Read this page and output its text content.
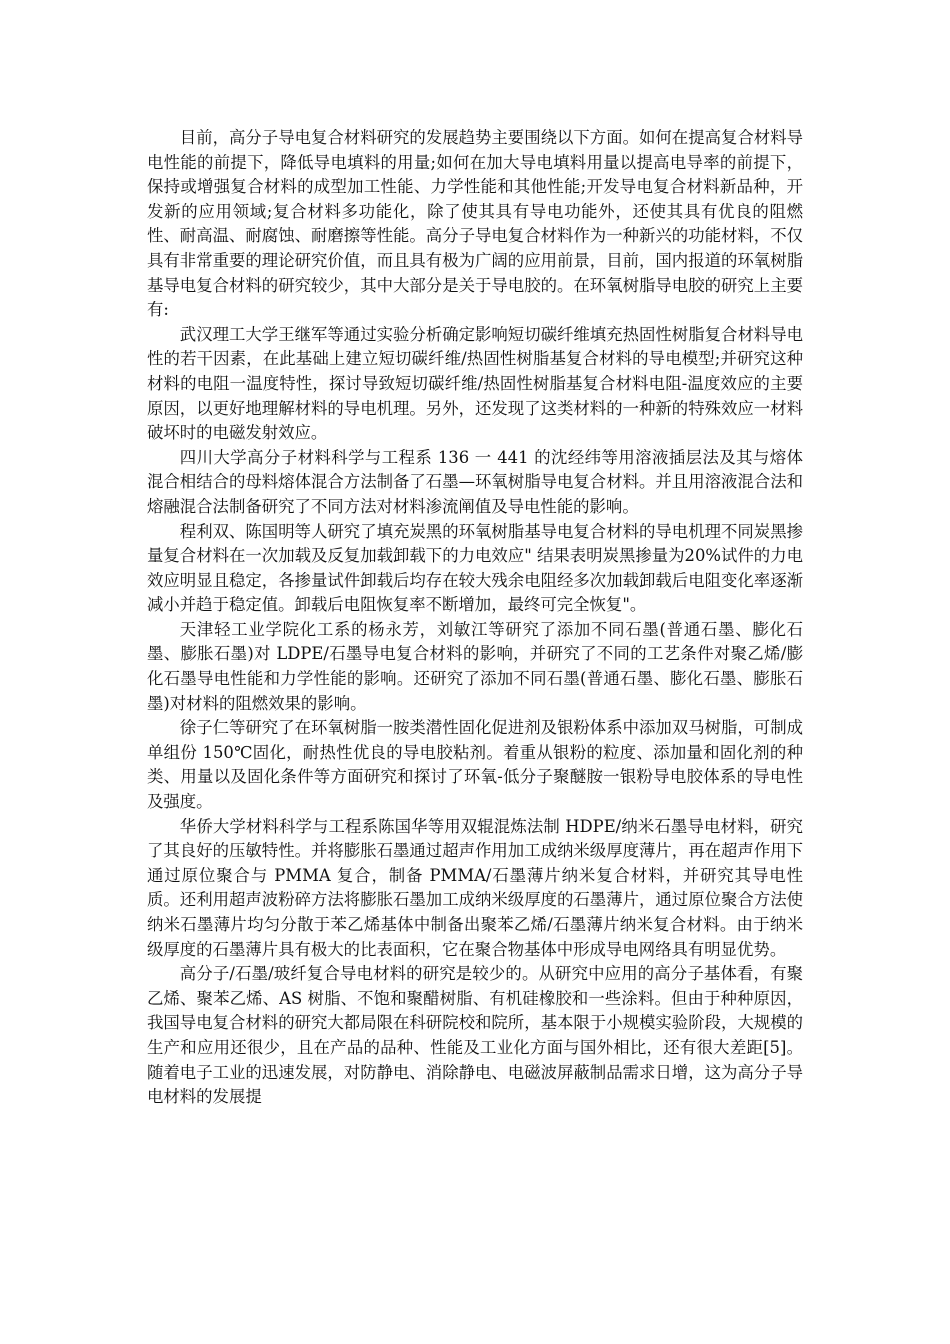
目前，高分子导电复合材料研究的发展趋势主要围绕以下方面。如何在提高复合材料导电性能的前提下，降低导电填料的用量;如何在加大导电填料用量以提高电导率的前提下，保持或增强复合材料的成型加工性能、力学性能和其他性能;开发导电复合材料新品种，开发新的应用领域;复合材料多功能化，除了使其具有导电功能外，还使其具有优良的阻燃性、耐高温、耐腐蚀、耐磨擦等性能。高分子导电复合材料作为一种新兴的功能材料，不仅具有非常重要的理论研究价值，而且具有极为广阔的应用前景，目前，国内报道的环氧树脂基导电复合材料的研究较少，其中大部分是关于导电胶的。在环氧树脂导电胶的研究上主要有:

武汉理工大学王继军等通过实验分析确定影响短切碳纤维填充热固性树脂复合材料导电性的若干因素，在此基础上建立短切碳纤维/热固性树脂基复合材料的导电模型;并研究这种材料的电阻一温度特性，探讨导致短切碳纤维/热固性树脂基复合材料电阻-温度效应的主要原因，以更好地理解材料的导电机理。另外，还发现了这类材料的一种新的特殊效应一材料破坏时的电磁发射效应。

四川大学高分子材料科学与工程系 136 一 441 的沈经纬等用溶液插层法及其与熔体混合相结合的母料熔体混合方法制备了石墨—环氧树脂导电复合材料。并且用溶液混合法和熔融混合法制备研究了不同方法对材料渗流阐值及导电性能的影响。

程利双、陈国明等人研究了填充炭黑的环氧树脂基导电复合材料的导电机理不同炭黑掺量复合材料在一次加载及反复加载卸载下的力电效应" 结果表明炭黑掺量为20%试件的力电效应明显且稳定，各掺量试件卸载后均存在较大残余电阻经多次加载卸载后电阻变化率逐渐减小并趋于稳定值。卸载后电阻恢复率不断增加，最终可完全恢复"。

天津轻工业学院化工系的杨永芳，刘敏江等研究了添加不同石墨(普通石墨、膨化石墨、膨胀石墨)对 LDPE/石墨导电复合材料的影响，并研究了不同的工艺条件对聚乙烯/膨化石墨导电性能和力学性能的影响。还研究了添加不同石墨(普通石墨、膨化石墨、膨胀石墨)对材料的阻燃效果的影响。

徐子仁等研究了在环氧树脂一胺类潜性固化促进剂及银粉体系中添加双马树脂，可制成单组份 150℃固化，耐热性优良的导电胶粘剂。着重从银粉的粒度、添加量和固化剂的种类、用量以及固化条件等方面研究和探讨了环氧-低分子聚醚胺一银粉导电胶体系的导电性及强度。

华侨大学材料科学与工程系陈国华等用双辊混炼法制 HDPE/纳米石墨导电材料，研究了其良好的压敏特性。并将膨胀石墨通过超声作用加工成纳米级厚度薄片，再在超声作用下通过原位聚合与 PMMA 复合，制备 PMMA/石墨薄片纳米复合材料，并研究其导电性质。还利用超声波粉碎方法将膨胀石墨加工成纳米级厚度的石墨薄片，通过原位聚合方法使纳米石墨薄片均匀分散于苯乙烯基体中制备出聚苯乙烯/石墨薄片纳米复合材料。由于纳米级厚度的石墨薄片具有极大的比表面积，它在聚合物基体中形成导电网络具有明显优势。

高分子/石墨/玻纤复合导电材料的研究是较少的。从研究中应用的高分子基体看，有聚乙烯、聚苯乙烯、AS 树脂、不饱和聚醋树脂、有机硅橡胶和一些涂料。但由于种种原因，我国导电复合材料的研究大都局限在科研院校和院所，基本限于小规模实验阶段，大规模的生产和应用还很少，且在产品的品种、性能及工业化方面与国外相比，还有很大差距[5]。随着电子工业的迅速发展，对防静电、消除静电、电磁波屏蔽制品需求日增，这为高分子导电材料的发展提
